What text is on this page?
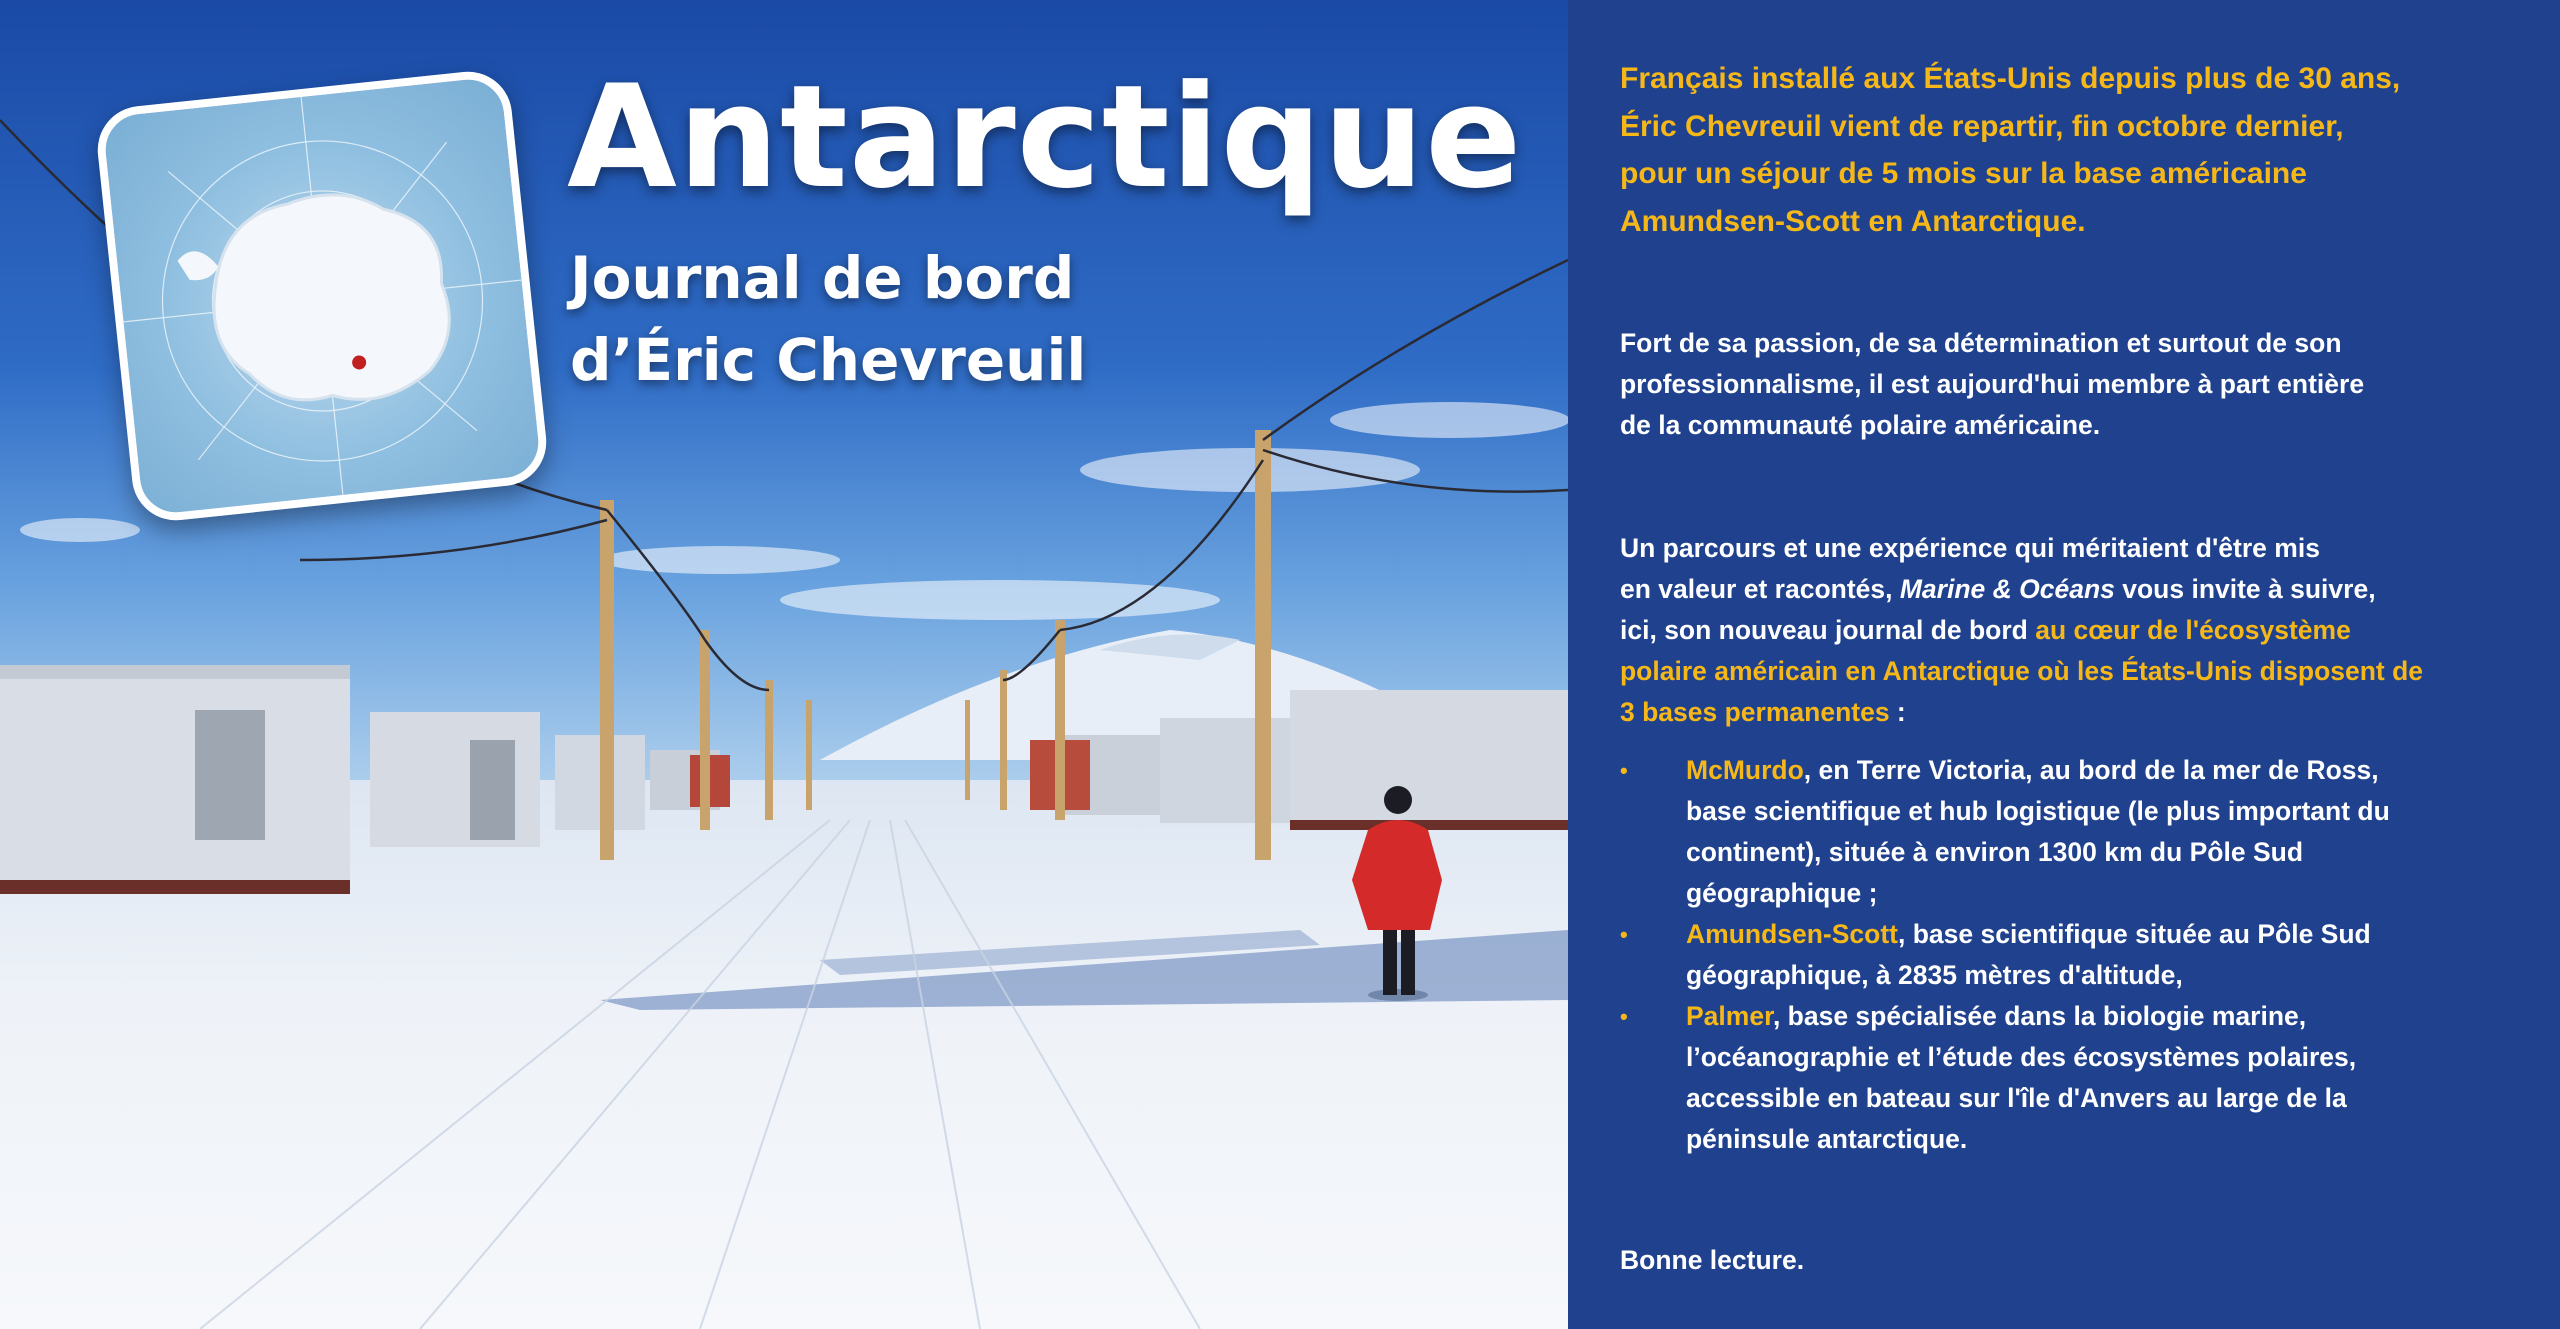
Antarctique
Journal de bord
d’Éric Chevreuil
Français installé aux États-Unis depuis plus de 30 ans,
Éric Chevreuil vient de repartir, fin octobre dernier,
pour un séjour de 5 mois sur la base américaine
Amundsen-Scott en Antarctique.
Fort de sa passion, de sa détermination et surtout de son
professionnalisme, il est aujourd'hui membre à part entière
de la communauté polaire américaine.
Un parcours et une expérience qui méritaient d'être mis
en valeur et racontés, Marine & Océans vous invite à suivre,
ici, son nouveau journal de bord au cœur de l'écosystème
polaire américain en Antarctique où les États-Unis disposent de
3 bases permanentes :
• McMurdo, en Terre Victoria, au bord de la mer de Ross,
base scientifique et hub logistique (le plus important du
continent), située à environ 1300 km du Pôle Sud
géographique ;
• Amundsen-Scott, base scientifique située au Pôle Sud
géographique, à 2835 mètres d'altitude,
• Palmer, base spécialisée dans la biologie marine,
l’océanographie et l’étude des écosystèmes polaires,
accessible en bateau sur l'île d'Anvers au large de la
péninsule antarctique.
Bonne lecture.
